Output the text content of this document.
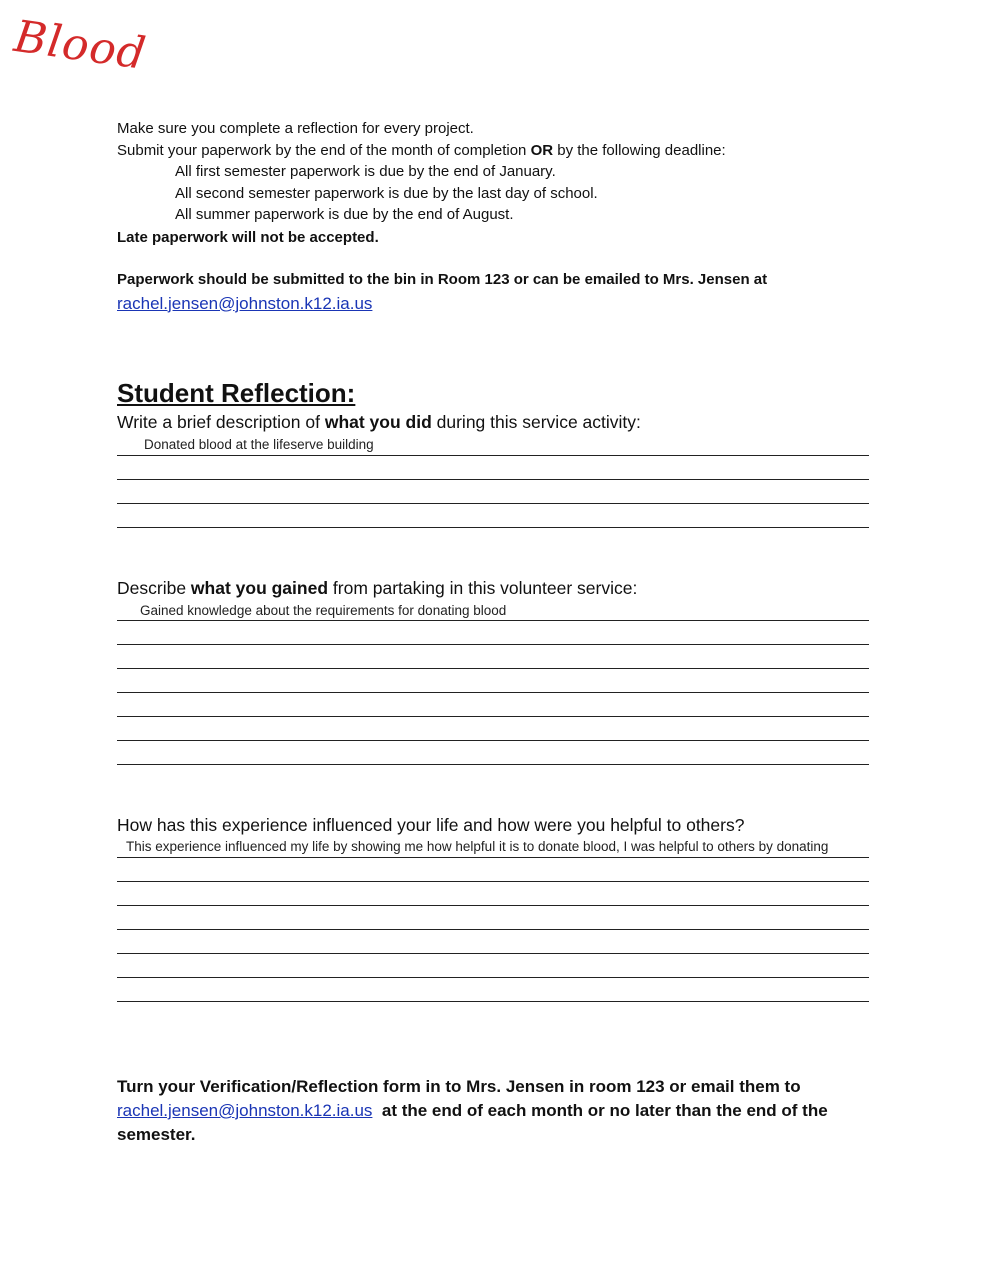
Blood
Make sure you complete a reflection for every project.
Submit your paperwork by the end of the month of completion OR by the following deadline:
All first semester paperwork is due by the end of January.
All second semester paperwork is due by the last day of school.
All summer paperwork is due by the end of August.
Late paperwork will not be accepted.
Paperwork should be submitted to the bin in Room 123 or can be emailed to Mrs. Jensen at
rachel.jensen@johnston.k12.ia.us
Student Reflection:
Write a brief description of what you did during this service activity:
Donated blood at the lifeserve building
Describe what you gained from partaking in this volunteer service:
Gained knowledge about the requirements for donating blood
How has this experience influenced your life and how were you helpful to others?
This experience influenced my life by showing me how helpful it is to donate blood, I was helpful to others by donating
Turn your Verification/Reflection form in to Mrs. Jensen in room 123 or email them to
rachel.jensen@johnston.k12.ia.us  at the end of each month or no later than the end of the
semester.
